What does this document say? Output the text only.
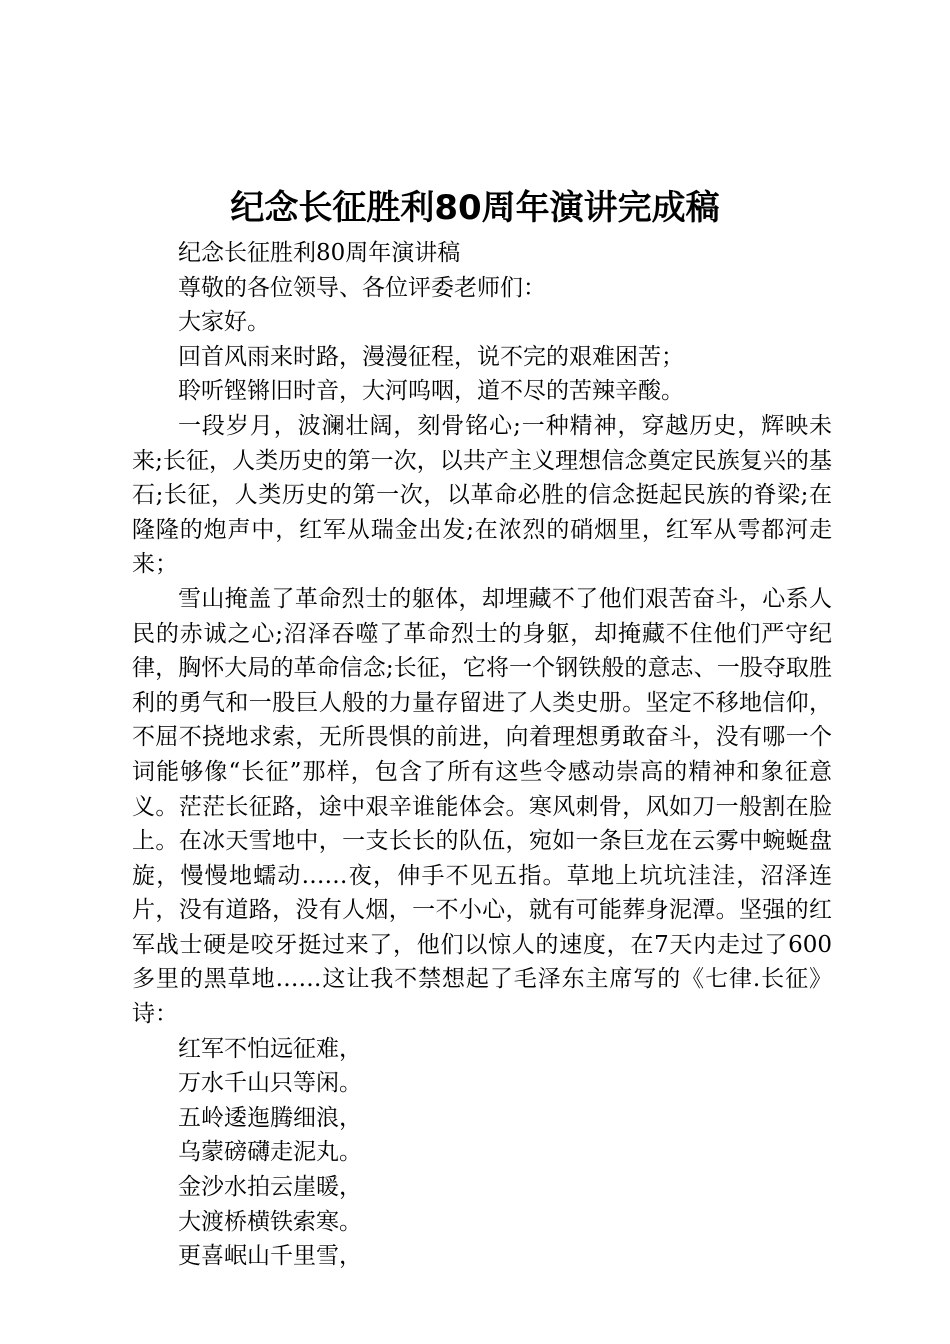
纪念长征胜利80周年演讲完成稿

纪念长征胜利80周年演讲稿

尊敬的各位领导、各位评委老师们：

大家好。

回首风雨来时路，漫漫征程，说不完的艰难困苦；

聆听铿锵旧时音，大河呜咽，道不尽的苦辣辛酸。

一段岁月，波澜壮阔，刻骨铭心;一种精神，穿越历史，辉映未来;长征，人类历史的第一次，以共产主义理想信念奠定民族复兴的基石;长征，人类历史的第一次，以革命必胜的信念挺起民族的脊梁;在隆隆的炮声中，红军从瑞金出发;在浓烈的硝烟里，红军从雩都河走来；

雪山掩盖了革命烈士的躯体，却埋藏不了他们艰苦奋斗，心系人民的赤诚之心;沼泽吞噬了革命烈士的身躯，却掩藏不住他们严守纪律，胸怀大局的革命信念;长征，它将一个钢铁般的意志、一股夺取胜利的勇气和一股巨人般的力量存留进了人类史册。坚定不移地信仰，不屈不挠地求索，无所畏惧的前进，向着理想勇敢奋斗，没有哪一个词能够像“长征”那样，包含了所有这些令感动崇高的精神和象征意义。茫茫长征路，途中艰辛谁能体会。寒风刺骨，风如刀一般割在脸上。在冰天雪地中，一支长长的队伍，宛如一条巨龙在云雾中蜿蜒盘旋，慢慢地蠕动……夜，伸手不见五指。草地上坑坑洼洼，沼泽连片，没有道路，没有人烟，一不小心，就有可能葬身泥潭。坚强的红军战士硬是咬牙挺过来了，他们以惊人的速度，在7天内走过了600多里的黑草地……这让我不禁想起了毛泽东主席写的《七律.长征》诗：

红军不怕远征难，

万水千山只等闲。

五岭逶迤腾细浪，

乌蒙磅礴走泥丸。

金沙水拍云崖暖，

大渡桥横铁索寒。

更喜岷山千里雪，
